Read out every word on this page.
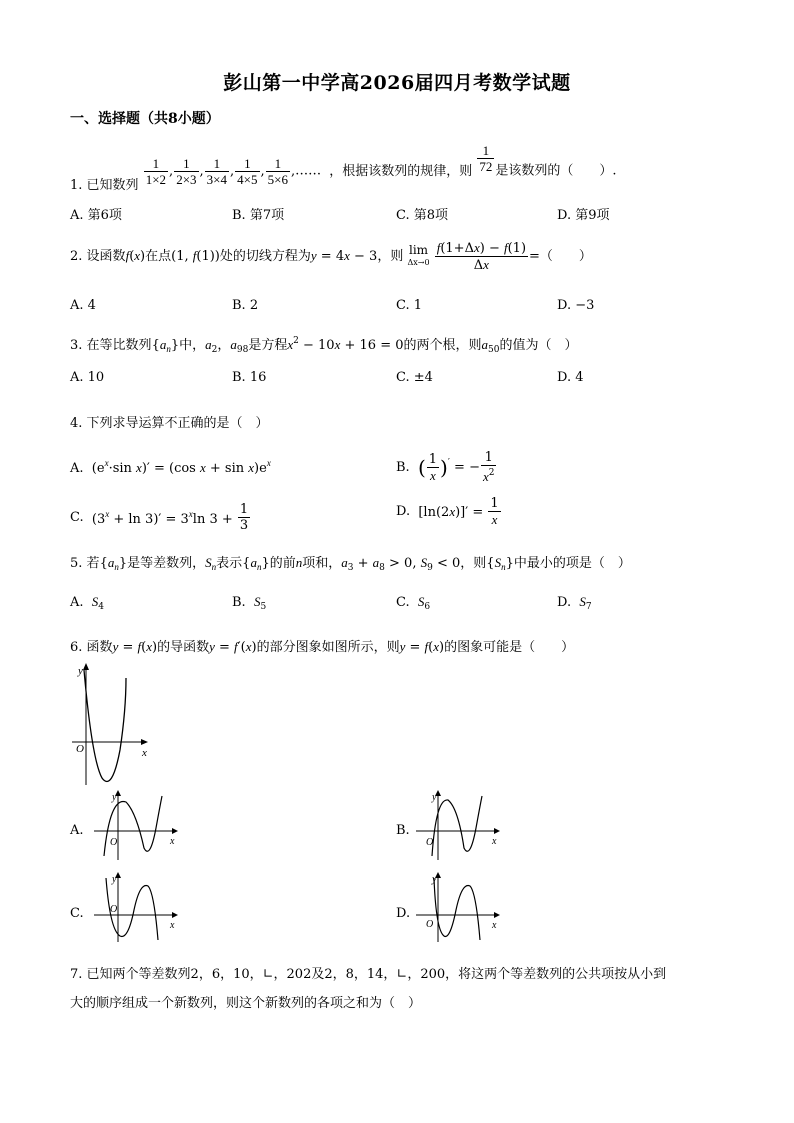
彭山第一中学高2026届四月考数学试题
一、选择题（共8小题）
1. 已知数列 $\frac{1}{1\times 2}$ , $\frac{1}{2\times 3}$ , $\frac{1}{3\times 4}$ , $\frac{1}{4\times 5}$ , $\frac{1}{5\times 6}$ ,…… ，根据该数列的规律，则 $\frac{1}{72}$ 是该数列的（　　）.
A. 第6项	B. 第7项	C. 第8项	D. 第9项
2. 设函数f(x)在点(1, f(1))处的切线方程为y = 4x − 3，则 lim
$\Delta x\to 0 \frac{f(1+\Delta x) - f(1)}{\Delta x}$ =（　　）
A. 4	B. 2	C. 1	D. −3
3. 在等比数列$\{a_n\}$中，$a_2$，$a_{98}$是方程$x^2 - 10x + 16 = 0$的两个根，则$a_{50}$的值为（　）
A. 10	B. 16	C. ±4	D. 4
4. 下列求导运算不正确的是（　）
A. ($e^x\cdot\sin$ x)′ = (cos $x + \sin x)e^x$	B. ( $\frac{1}{x} )'$ = − $\frac{1}{x^2}$
C. $(3^x + \ln 3)' = 3^x\ln$ $3 + \frac{1}{3}$	D. $[\ln(2x)]' = \frac{1}{x}$
5. 若$\{a_n\}$是等差数列，$S_n$表示$\{a_n\}$的前n项和，$a_3 + a_8 > 0$, $S_9 < 0$，则$\{S_n\}$中最小的项是（　）
A. $S_4$	B. $S_5$	C. $S_6$	D. $S_7$
6. 函数y = f(x)的导函数y = f′(x)的部分图象如图所示，则y = f(x)的图象可能是（　　）
y
x
O
A.
y
x
O
B.
y
x
O
C.
y
x
O	D.
y
x
O
7. 已知两个等差数列2，6，10，∟，202及2，8，14，∟，200，将这两个等差数列的公共项按从小到
大的顺序组成一个新数列，则这个新数列的各项之和为（　）
